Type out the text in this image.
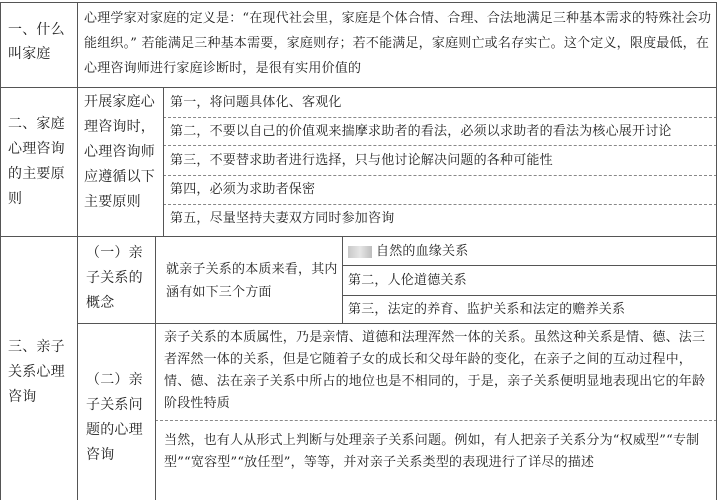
一、什么叫家庭
心理学家对家庭的定义是：“在现代社会里，家庭是个体合情、合理、合法地满足三种基本需求的特殊社会功能组织。” 若能满足三种基本需要，家庭则存；若不能满足，家庭则亡或名存实亡。这个定义，限度最低，在心理咨询师进行家庭诊断时，是很有实用价值的
二、家庭心理咨询的主要原则
开展家庭心理咨询时，心理咨询师应遵循以下主要原则
第一，将问题具体化、客观化
第二，不要以自己的价值观来揣摩求助者的看法，必须以求助者的看法为核心展开讨论
第三，不要替求助者进行选择，只与他讨论解决问题的各种可能性
第四，必须为求助者保密
第五，尽量坚持夫妻双方同时参加咨询
三、亲子关系心理咨询
（一）亲子关系的概念
就亲子关系的本质来看，其内涵有如下三个方面
自然的血缘关系
第二，人伦道德关系
第三，法定的养育、监护关系和法定的赡养关系
（二）亲子关系问题的心理咨询
亲子关系的本质属性，乃是亲情、道德和法理浑然一体的关系。虽然这种关系是情、德、法三者浑然一体的关系，但是它随着子女的成长和父母年龄的变化，在亲子之间的互动过程中，情、德、法在亲子关系中所占的地位也是不相同的，于是，亲子关系便明显地表现出它的年龄阶段性特质
当然，也有人从形式上判断与处理亲子关系问题。例如，有人把亲子关系分为“权威型”“专制型”“宽容型”“放任型”，等等，并对亲子关系类型的表现进行了详尽的描述
